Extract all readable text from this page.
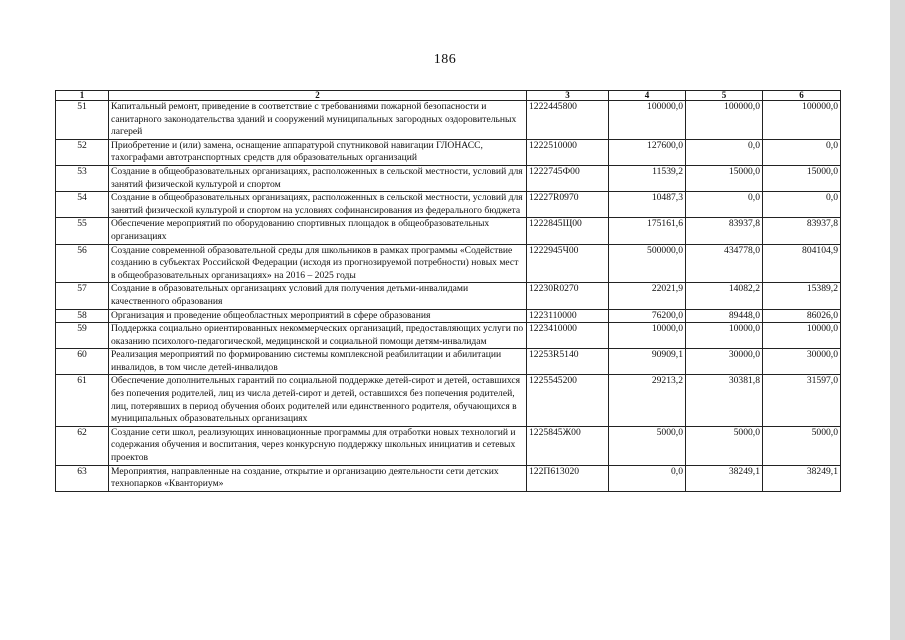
186
1	2	3	4	5	6
51	Капитальный ремонт, приведение в соответствие с требованиями пожарной безопасности и санитарного законодательства зданий и сооружений муниципальных загородных оздоровительных лагерей	1222445800	100000,0	100000,0	100000,0
52	Приобретение и (или) замена, оснащение аппаратурой спутниковой навигации ГЛОНАСС, тахографами автотранспортных средств для образовательных организаций	1222510000	127600,0	0,0	0,0
53	Создание в общеобразовательных организациях, расположенных в сельской местности, условий для занятий физической культурой и спортом	1222745Ф00	11539,2	15000,0	15000,0
54	Создание в общеобразовательных организациях, расположенных в сельской местности, условий для занятий физической культурой и спортом на условиях софинансирования из федерального бюджета	12227R0970	10487,3	0,0	0,0
55	Обеспечение мероприятий по оборудованию спортивных площадок в общеобразовательных организациях	1222845Щ00	175161,6	83937,8	83937,8
56	Создание современной образовательной среды для школьников в рамках программы «Содействие созданию в субъектах Российской Федерации (исходя из прогнозируемой потребности) новых мест в общеобразовательных организациях» на 2016 – 2025 годы	1222945Ч00	500000,0	434778,0	804104,9
57	Создание в образовательных организациях условий для получения детьми-инвалидами качественного образования	12230R0270	22021,9	14082,2	15389,2
58	Организация и проведение общеобластных мероприятий в сфере образования	1223110000	76200,0	89448,0	86026,0
59	Поддержка социально ориентированных некоммерческих организаций, предоставляющих услуги по оказанию психолого-педагогической, медицинской и социальной помощи детям-инвалидам	1223410000	10000,0	10000,0	10000,0
60	Реализация мероприятий по формированию системы комплексной реабилитации и абилитации инвалидов, в том числе детей-инвалидов	12253R5140	90909,1	30000,0	30000,0
61	Обеспечение дополнительных гарантий по социальной поддержке детей-сирот и детей, оставшихся без попечения родителей, лиц из числа детей-сирот и детей, оставшихся без попечения родителей, лиц, потерявших в период обучения обоих родителей или единственного родителя, обучающихся в муниципальных образовательных организациях	1225545200	29213,2	30381,8	31597,0
62	Создание сети школ, реализующих инновационные программы для отработки новых технологий и содержания обучения и воспитания, через конкурсную поддержку школьных инициатив и сетевых проектов	1225845Ж00	5000,0	5000,0	5000,0
63	Мероприятия, направленные на создание, открытие и организацию деятельности сети детских технопарков «Кванториум»	122П613020	0,0	38249,1	38249,1
